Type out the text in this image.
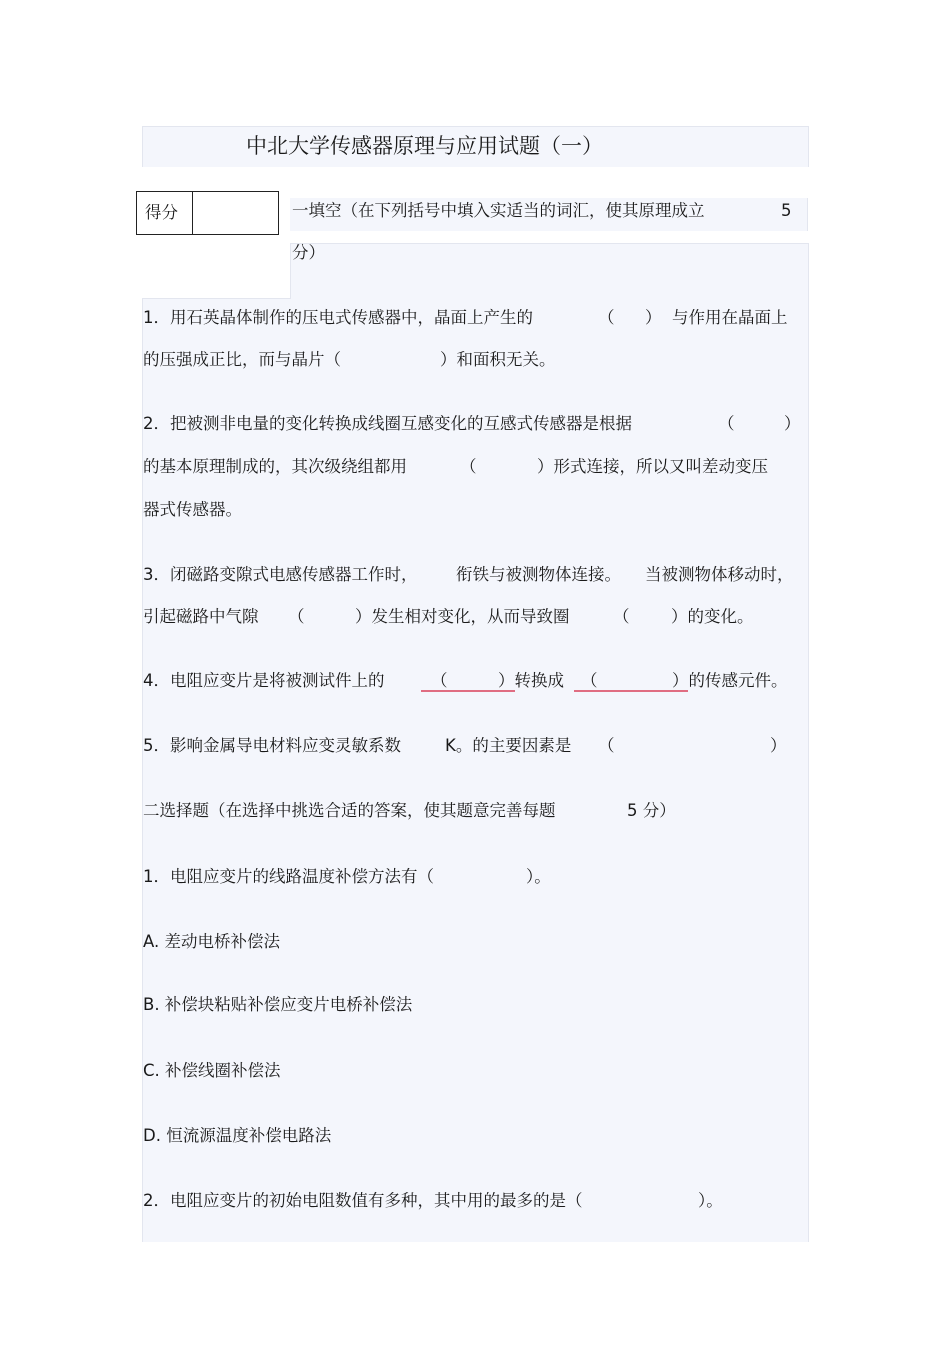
中北大学传感器原理与应用试题（一）
得分	一填空（在下列括号中填入实适当的词汇，使其原理成立	5
分）
1．用石英晶体制作的压电式传感器中，晶面上产生的	（ ） 与作用在晶面上
的压强成正比，而与晶片（	）和面积无关。
2．把被测非电量的变化转换成线圈互感变化的互感式传感器是根据	（	）
的基本原理制成的，其次级绕组都用	（	）形式连接，所以又叫差动变压
器式传感器。
3．闭磁路变隙式电感传感器工作时， 衔铁与被测物体连接。 当被测物体移动时，
引起磁路中气隙 （	）发生相对变化，从而导致圈	（	）的变化。
4．电阻应变片是将被测试件上的	（	）转换成 （	）的传感元件。
5．影响金属导电材料应变灵敏系数	K。的主要因素是 （	）
二选择题（在选择中挑选合适的答案，使其题意完善每题	5 分）
1．电阻应变片的线路温度补偿方法有（	）。
A. 差动电桥补偿法
B. 补偿块粘贴补偿应变片电桥补偿法
C. 补偿线圈补偿法
D. 恒流源温度补偿电路法
2．电阻应变片的初始电阻数值有多种，其中用的最多的是（	）。
